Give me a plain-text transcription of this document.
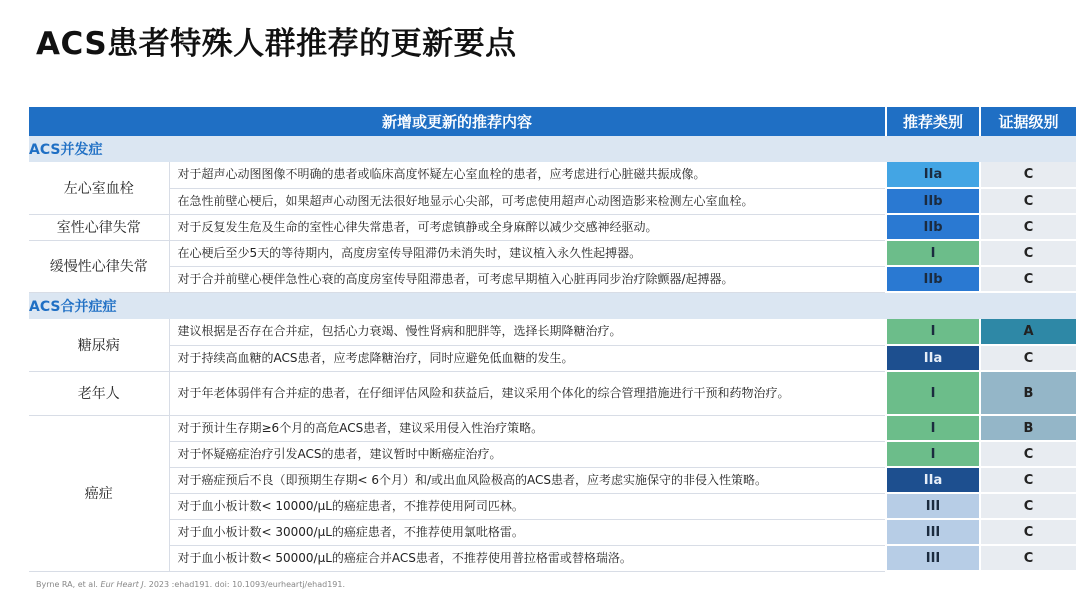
ACS患者特殊人群推荐的更新要点
新增或更新的推荐内容		推荐类别	证据级别
ACS并发症			
左心室血栓	对于超声心动图图像不明确的患者或临床高度怀疑左心室血栓的患者，应考虑进行心脏磁共振成像。	IIa	C
	在急性前壁心梗后，如果超声心动图无法很好地显示心尖部，可考虑使用超声心动图造影来检测左心室血栓。	IIb	C
室性心律失常	对于反复发生危及生命的室性心律失常患者，可考虑镇静或全身麻醉以减少交感神经驱动。	IIb	C
缓慢性心律失常	在心梗后至少5天的等待期内，高度房室传导阻滞仍未消失时，建议植入永久性起搏器。	I	C
	对于合并前壁心梗伴急性心衰的高度房室传导阻滞患者，可考虑早期植入心脏再同步治疗除颤器/起搏器。	IIb	C
ACS合并症症			
糖尿病	建议根据是否存在合并症，包括心力衰竭、慢性肾病和肥胖等，选择长期降糖治疗。	I	A
	对于持续高血糖的ACS患者，应考虑降糖治疗，同时应避免低血糖的发生。	IIa	C
老年人	对于年老体弱伴有合并症的患者，在仔细评估风险和获益后，建议采用个体化的综合管理措施进行干预和药物治疗。	I	B
癌症	对于预计生存期≥6个月的高危ACS患者，建议采用侵入性治疗策略。	I	B
	对于怀疑癌症治疗引发ACS的患者，建议暂时中断癌症治疗。	I	C
	对于癌症预后不良（即预期生存期< 6个月）和/或出血风险极高的ACS患者，应考虑实施保守的非侵入性策略。	IIa	C
	对于血小板计数< 10000/µL的癌症患者，不推荐使用阿司匹林。	III	C
	对于血小板计数< 30000/µL的癌症患者，不推荐使用氯吡格雷。	III	C
	对于血小板计数< 50000/µL的癌症合并ACS患者，不推荐使用普拉格雷或替格瑞洛。	III	C
Byrne RA, et al. Eur Heart J. 2023 :ehad191. doi: 10.1093/eurheartj/ehad191.
